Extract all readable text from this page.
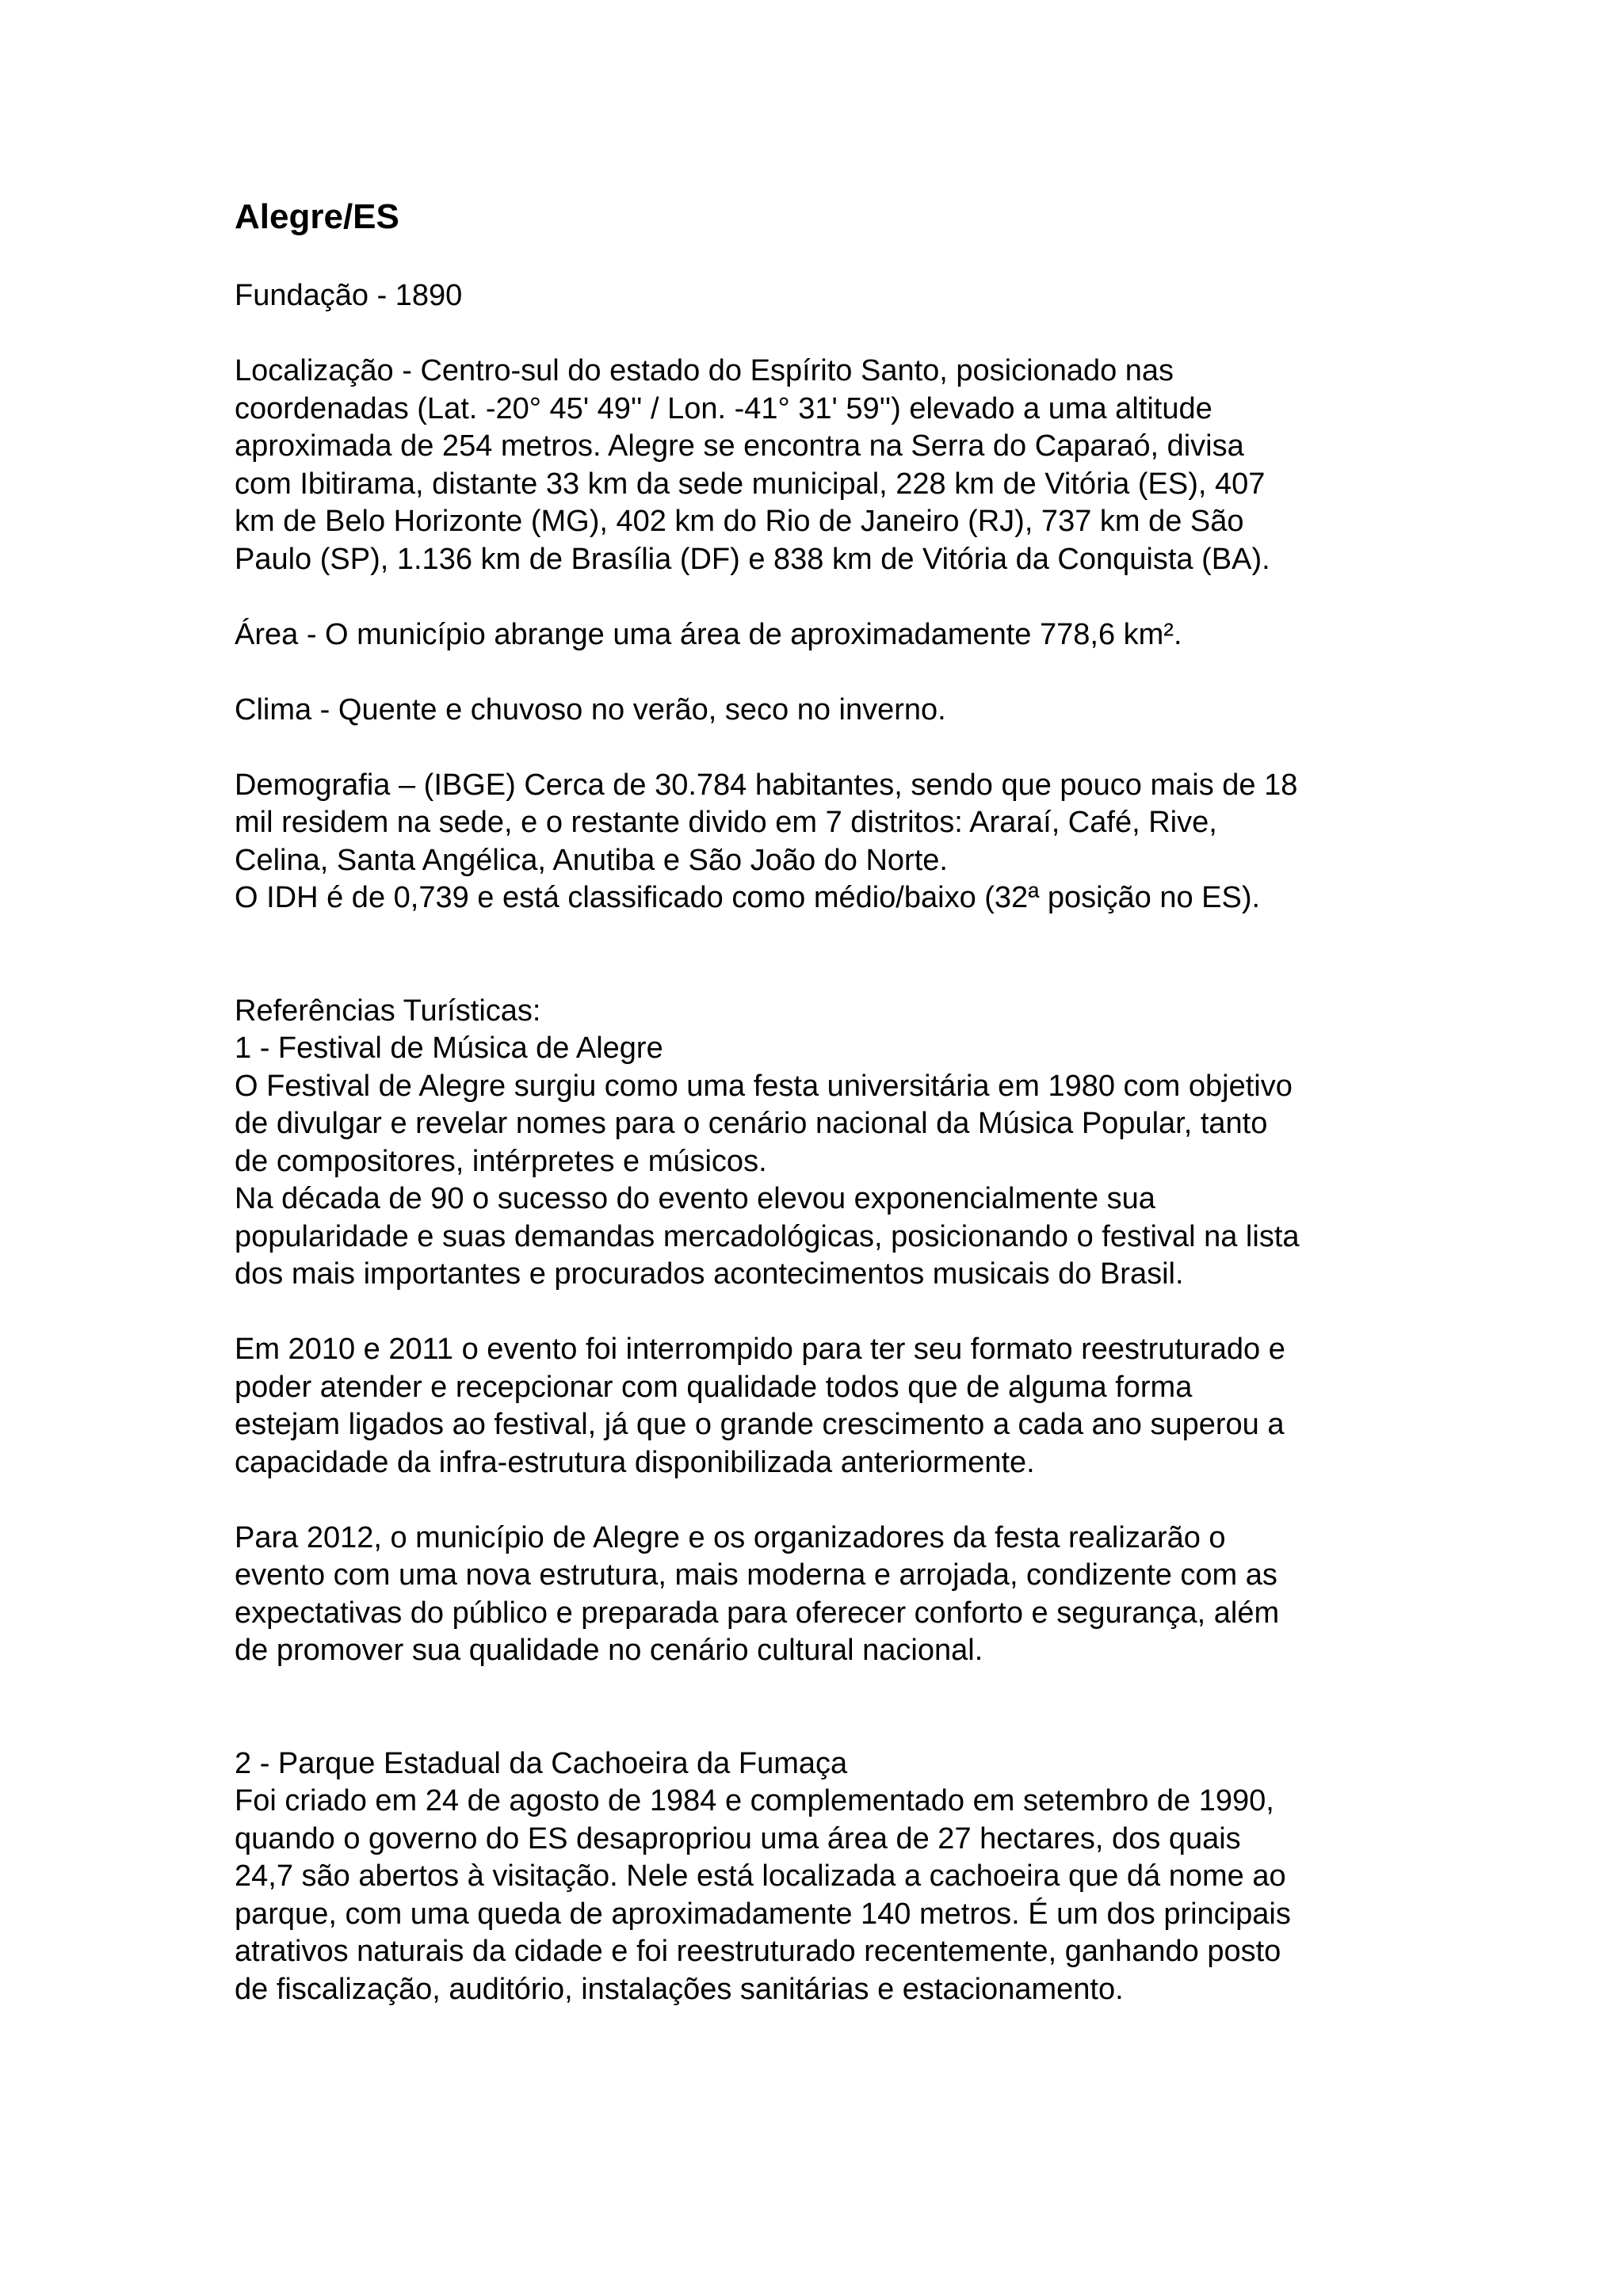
Alegre/ES

Fundação - 1890

Localização - Centro-sul do estado do Espírito Santo, posicionado nas
coordenadas (Lat. -20° 45' 49'' / Lon. -41° 31' 59'') elevado a uma altitude
aproximada de 254 metros. Alegre se encontra na Serra do Caparaó, divisa
com Ibitirama, distante 33 km da sede municipal, 228 km de Vitória (ES), 407
km de Belo Horizonte (MG), 402 km do Rio de Janeiro (RJ), 737 km de São
Paulo (SP), 1.136 km de Brasília (DF) e 838 km de Vitória da Conquista (BA).

Área - O município abrange uma área de aproximadamente 778,6 km².

Clima - Quente e chuvoso no verão, seco no inverno.

Demografia – (IBGE) Cerca de 30.784 habitantes, sendo que pouco mais de 18
mil residem na sede, e o restante divido em 7 distritos: Araraí, Café, Rive,
Celina, Santa Angélica, Anutiba e São João do Norte.
O IDH é de 0,739 e está classificado como médio/baixo (32ª posição no ES).
Referências Turísticas:
1 - Festival de Música de Alegre
O Festival de Alegre surgiu como uma festa universitária em 1980 com objetivo
de divulgar e revelar nomes para o cenário nacional da Música Popular, tanto
de compositores, intérpretes e músicos.
Na década de 90 o sucesso do evento elevou exponencialmente sua
popularidade e suas demandas mercadológicas, posicionando o festival na lista
dos mais importantes e procurados acontecimentos musicais do Brasil.
Em 2010 e 2011 o evento foi interrompido para ter seu formato reestruturado e
poder atender e recepcionar com qualidade todos que de alguma forma
estejam ligados ao festival, já que o grande crescimento a cada ano superou a
capacidade da infra-estrutura disponibilizada anteriormente.
Para 2012, o município de Alegre e os organizadores da festa realizarão o
evento com uma nova estrutura, mais moderna e arrojada, condizente com as
expectativas do público e preparada para oferecer conforto e segurança, além
de promover sua qualidade no cenário cultural nacional.
2 - Parque Estadual da Cachoeira da Fumaça
Foi criado em 24 de agosto de 1984 e complementado em setembro de 1990,
quando o governo do ES desapropriou uma área de 27 hectares, dos quais
24,7 são abertos à visitação. Nele está localizada a cachoeira que dá nome ao
parque, com uma queda de aproximadamente 140 metros. É um dos principais
atrativos naturais da cidade e foi reestruturado recentemente, ganhando posto
de fiscalização, auditório, instalações sanitárias e estacionamento.
